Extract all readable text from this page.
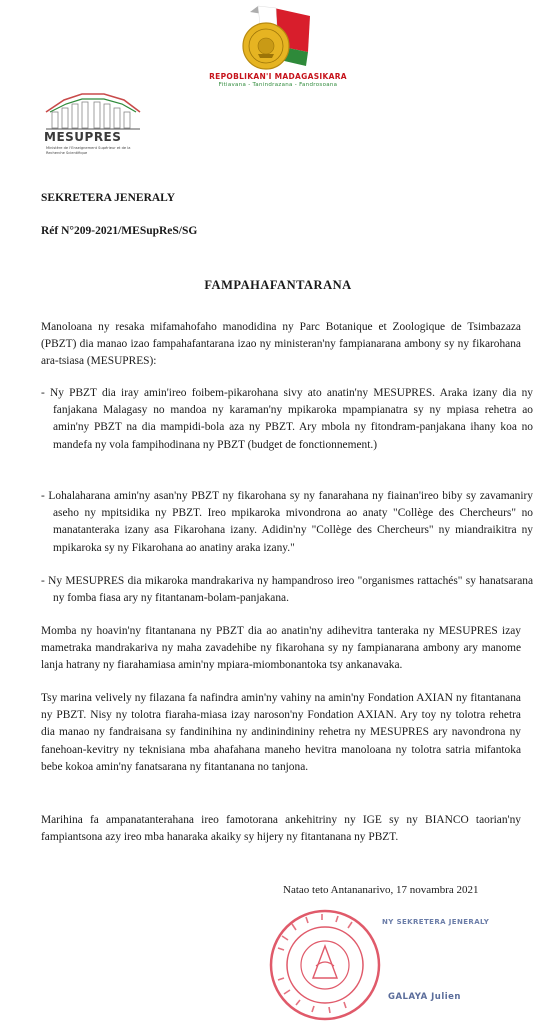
REPOBLIKAN'I MADAGASIKARA
Fitiavana - Tanindrazana - Fandrosoana
MESUPRES
Ministère de l'Enseignement Supérieur et de la Recherche Scientifique
SEKRETERA JENERALY
Réf N°209-2021/MESupReS/SG
FAMPAHAFANTARANA

Manoloana ny resaka mifamahofaho manodidina ny Parc Botanique et Zoologique de Tsimbazaza (PBZT) dia manao izao fampahafantarana izao ny ministeran'ny fampianarana ambony sy ny fikarohana ara-tsiasa (MESUPRES):

- Ny PBZT dia iray amin'ireo foibem-pikarohana sivy ato anatin'ny MESUPRES. Araka izany dia ny fanjakana Malagasy no mandoa ny karaman'ny mpikaroka mpampianatra sy ny mpiasa rehetra ao amin'ny PBZT na dia mampidi-bola aza ny PBZT. Ary mbola ny fitondram-panjakana ihany koa no mandefa ny vola fampihodinana ny PBZT (budget de fonctionnement.)

- Lohalaharana amin'ny asan'ny PBZT ny fikarohana sy ny fanarahana ny fiainan'ireo biby sy zavamaniry aseho ny mpitsidika ny PBZT. Ireo mpikaroka mivondrona ao anaty "Collège des Chercheurs" no manatanteraka izany asa Fikarohana izany. Adidin'ny "Collège des Chercheurs" ny miandraikitra ny mpikaroka sy ny Fikarohana ao anatiny araka izany."

- Ny MESUPRES dia mikaroka mandrakariva ny hampandroso ireo "organismes rattachés" sy hanatsarana ny fomba fiasa ary ny fitantanam-bolam-panjakana.

Momba ny hoavin'ny fitantanana ny PBZT dia ao anatin'ny adihevitra tanteraka ny MESUPRES izay mametraka mandrakariva ny maha zavadehibe ny fikarohana sy ny fampianarana ambony ary manome lanja hatrany ny fiarahamiasa amin'ny mpiara-miombonantoka tsy ankanavaka.

Tsy marina velively ny filazana fa nafindra amin'ny vahiny na amin'ny Fondation AXIAN ny fitantanana ny PBZT. Nisy ny tolotra fiaraha-miasa izay naroson'ny Fondation AXIAN. Ary toy ny tolotra rehetra dia manao ny fandraisana sy fandinihina ny andinindininy rehetra ny MESUPRES ary navondrona ny fanehoan-kevitry ny teknisiana mba ahafahana maneho hevitra manoloana ny tolotra satria mifantoka bebe kokoa amin'ny fanatsarana ny fitantanana no tanjona.

Marihina fa ampanatanterahana ireo famotorana ankehitriny ny IGE sy ny BIANCO taorian'ny fampiantsona azy ireo mba hanaraka akaiky sy hijery ny fitantanana ny PBZT.

Natao teto Antananarivo, 17 novambra 2021
NY SEKRETERA JENERALY
GALAYA Julien
